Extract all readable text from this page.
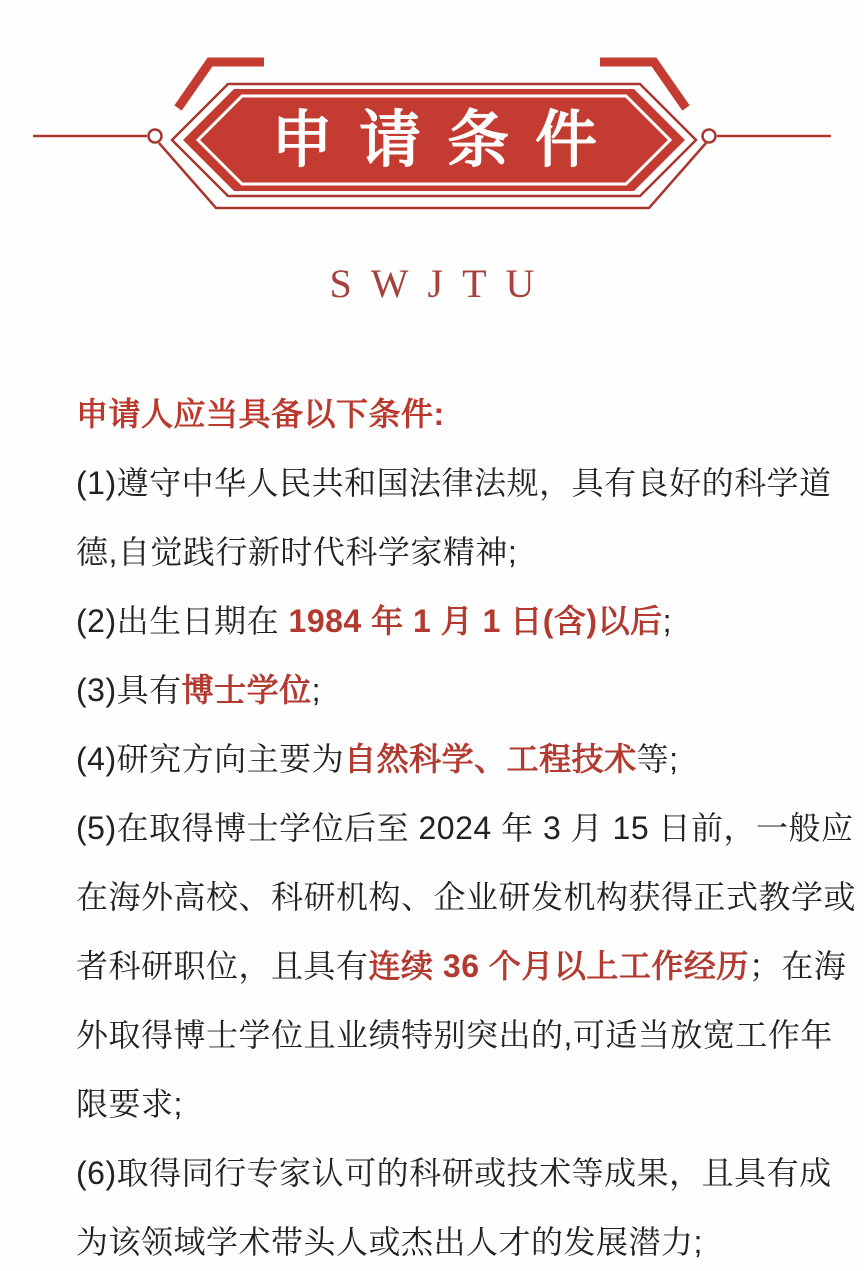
申请条件
SWJTU
申请人应当具备以下条件:
(1)遵守中华人民共和国法律法规，具有良好的科学道
德,自觉践行新时代科学家精神;
(2)出生日期在 1984 年 1 月 1 日(含)以后;
(3)具有博士学位;
(4)研究方向主要为自然科学、工程技术等;
(5)在取得博士学位后至 2024 年 3 月 15 日前，一般应
在海外高校、科研机构、企业研发机构获得正式教学或
者科研职位，且具有连续 36 个月以上工作经历；在海
外取得博士学位且业绩特别突出的,可适当放宽工作年
限要求;
(6)取得同行专家认可的科研或技术等成果，且具有成
为该领域学术带头人或杰出人才的发展潜力;
